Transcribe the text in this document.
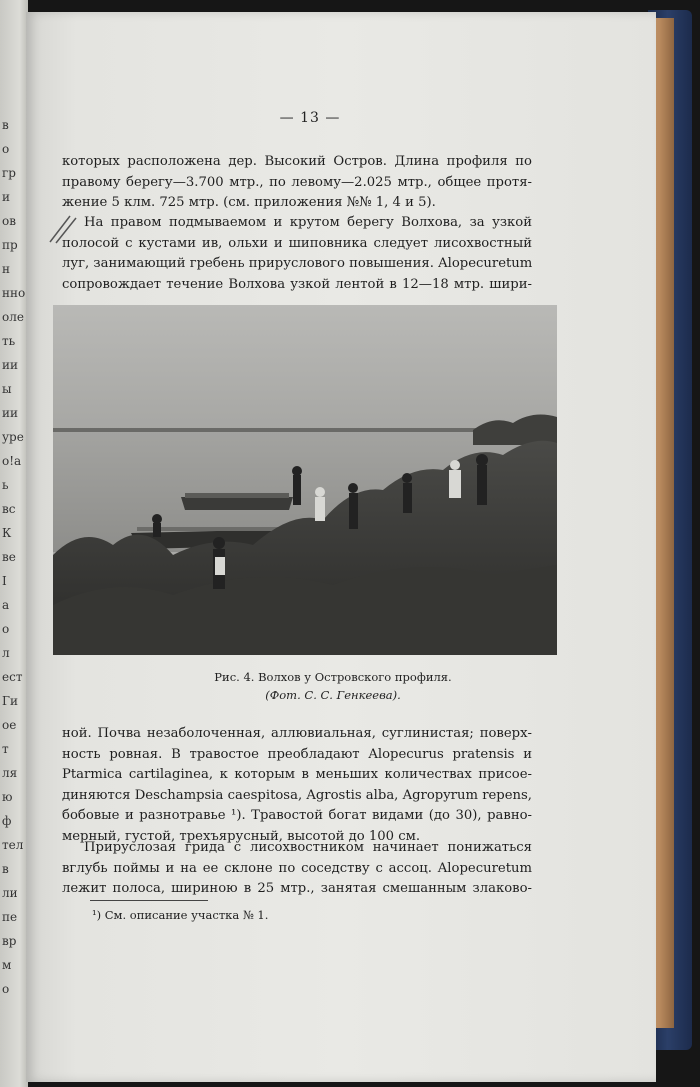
в
о
гр
и
ов
пр
н
нно
оле
ть
ии
ы
ии
уре
o!a
ь
вс
К
ве
I
а
о
л
ест
Ги
ое
т
ля
ю
ф
тел
в
ли
пе
вр
м
о
— 13 —
которых расположена дер. Высокий Остров. Длина профиля по
правому берегу—3.700 мтр., по левому—2.025 мтр., общее протя-
жение 5 клм. 725 мтр. (см. приложения №№ 1, 4 и 5).
На правом подмываемом и крутом берегу Волхова, за узкой
полосой с кустами ив, ольхи и шиповника следует лисохвостный
луг, занимающий гребень прируслового повышения. Alopecuretum
сопровождает течение Волхова узкой лентой в 12—18 мтр. шири-
Рис. 4. Волхов у Островского профиля.
(Фот. С. С. Генкеева).
ной. Почва незаболоченная, аллювиальная, суглинистая; поверх-
ность ровная. В травостое преобладают Alopecurus pratensis и
Ptarmica cartilaginea, к которым в меньших количествах присое-
диняются Deschampsia caespitosa, Agrostis alba, Agropyrum repens,
бобовые и разнотравье ¹). Травостой богат видами (до 30), равно-
мерный, густой, трехъярусный, высотой до 100 см.
Прируслозая грида с лисохвостником начинает понижаться
вглубь поймы и на ее склоне по соседству с ассоц. Alopecuretum
лежит полоса, шириною в 25 мтр., занятая смешанным злаково-
¹) См. описание участка № 1.
